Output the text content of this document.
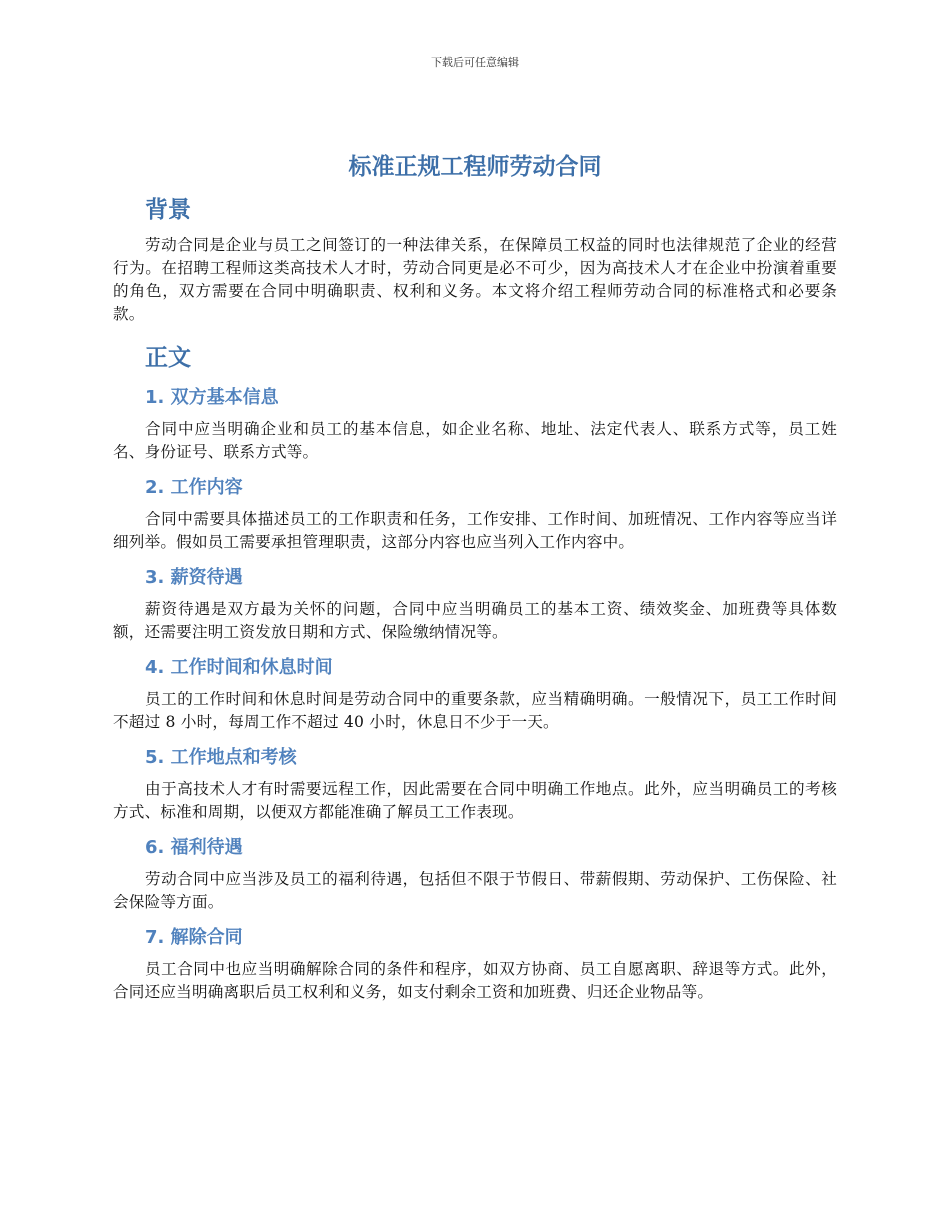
下载后可任意编辑
标准正规工程师劳动合同
背景

劳动合同是企业与员工之间签订的一种法律关系，在保障员工权益的同时也法律规范了企业的经营行为。在招聘工程师这类高技术人才时，劳动合同更是必不可少，因为高技术人才在企业中扮演着重要的角色，双方需要在合同中明确职责、权利和义务。本文将介绍工程师劳动合同的标准格式和必要条款。

正文
1. 双方基本信息

合同中应当明确企业和员工的基本信息，如企业名称、地址、法定代表人、联系方式等，员工姓名、身份证号、联系方式等。

2. 工作内容

合同中需要具体描述员工的工作职责和任务，工作安排、工作时间、加班情况、工作内容等应当详细列举。假如员工需要承担管理职责，这部分内容也应当列入工作内容中。

3. 薪资待遇

薪资待遇是双方最为关怀的问题，合同中应当明确员工的基本工资、绩效奖金、加班费等具体数额，还需要注明工资发放日期和方式、保险缴纳情况等。

4. 工作时间和休息时间

员工的工作时间和休息时间是劳动合同中的重要条款，应当精确明确。一般情况下，员工工作时间不超过 8 小时，每周工作不超过 40 小时，休息日不少于一天。

5. 工作地点和考核

由于高技术人才有时需要远程工作，因此需要在合同中明确工作地点。此外，应当明确员工的考核方式、标准和周期，以便双方都能准确了解员工工作表现。

6. 福利待遇

劳动合同中应当涉及员工的福利待遇，包括但不限于节假日、带薪假期、劳动保护、工伤保险、社会保险等方面。

7. 解除合同

员工合同中也应当明确解除合同的条件和程序，如双方协商、员工自愿离职、辞退等方式。此外，合同还应当明确离职后员工权利和义务，如支付剩余工资和加班费、归还企业物品等。
